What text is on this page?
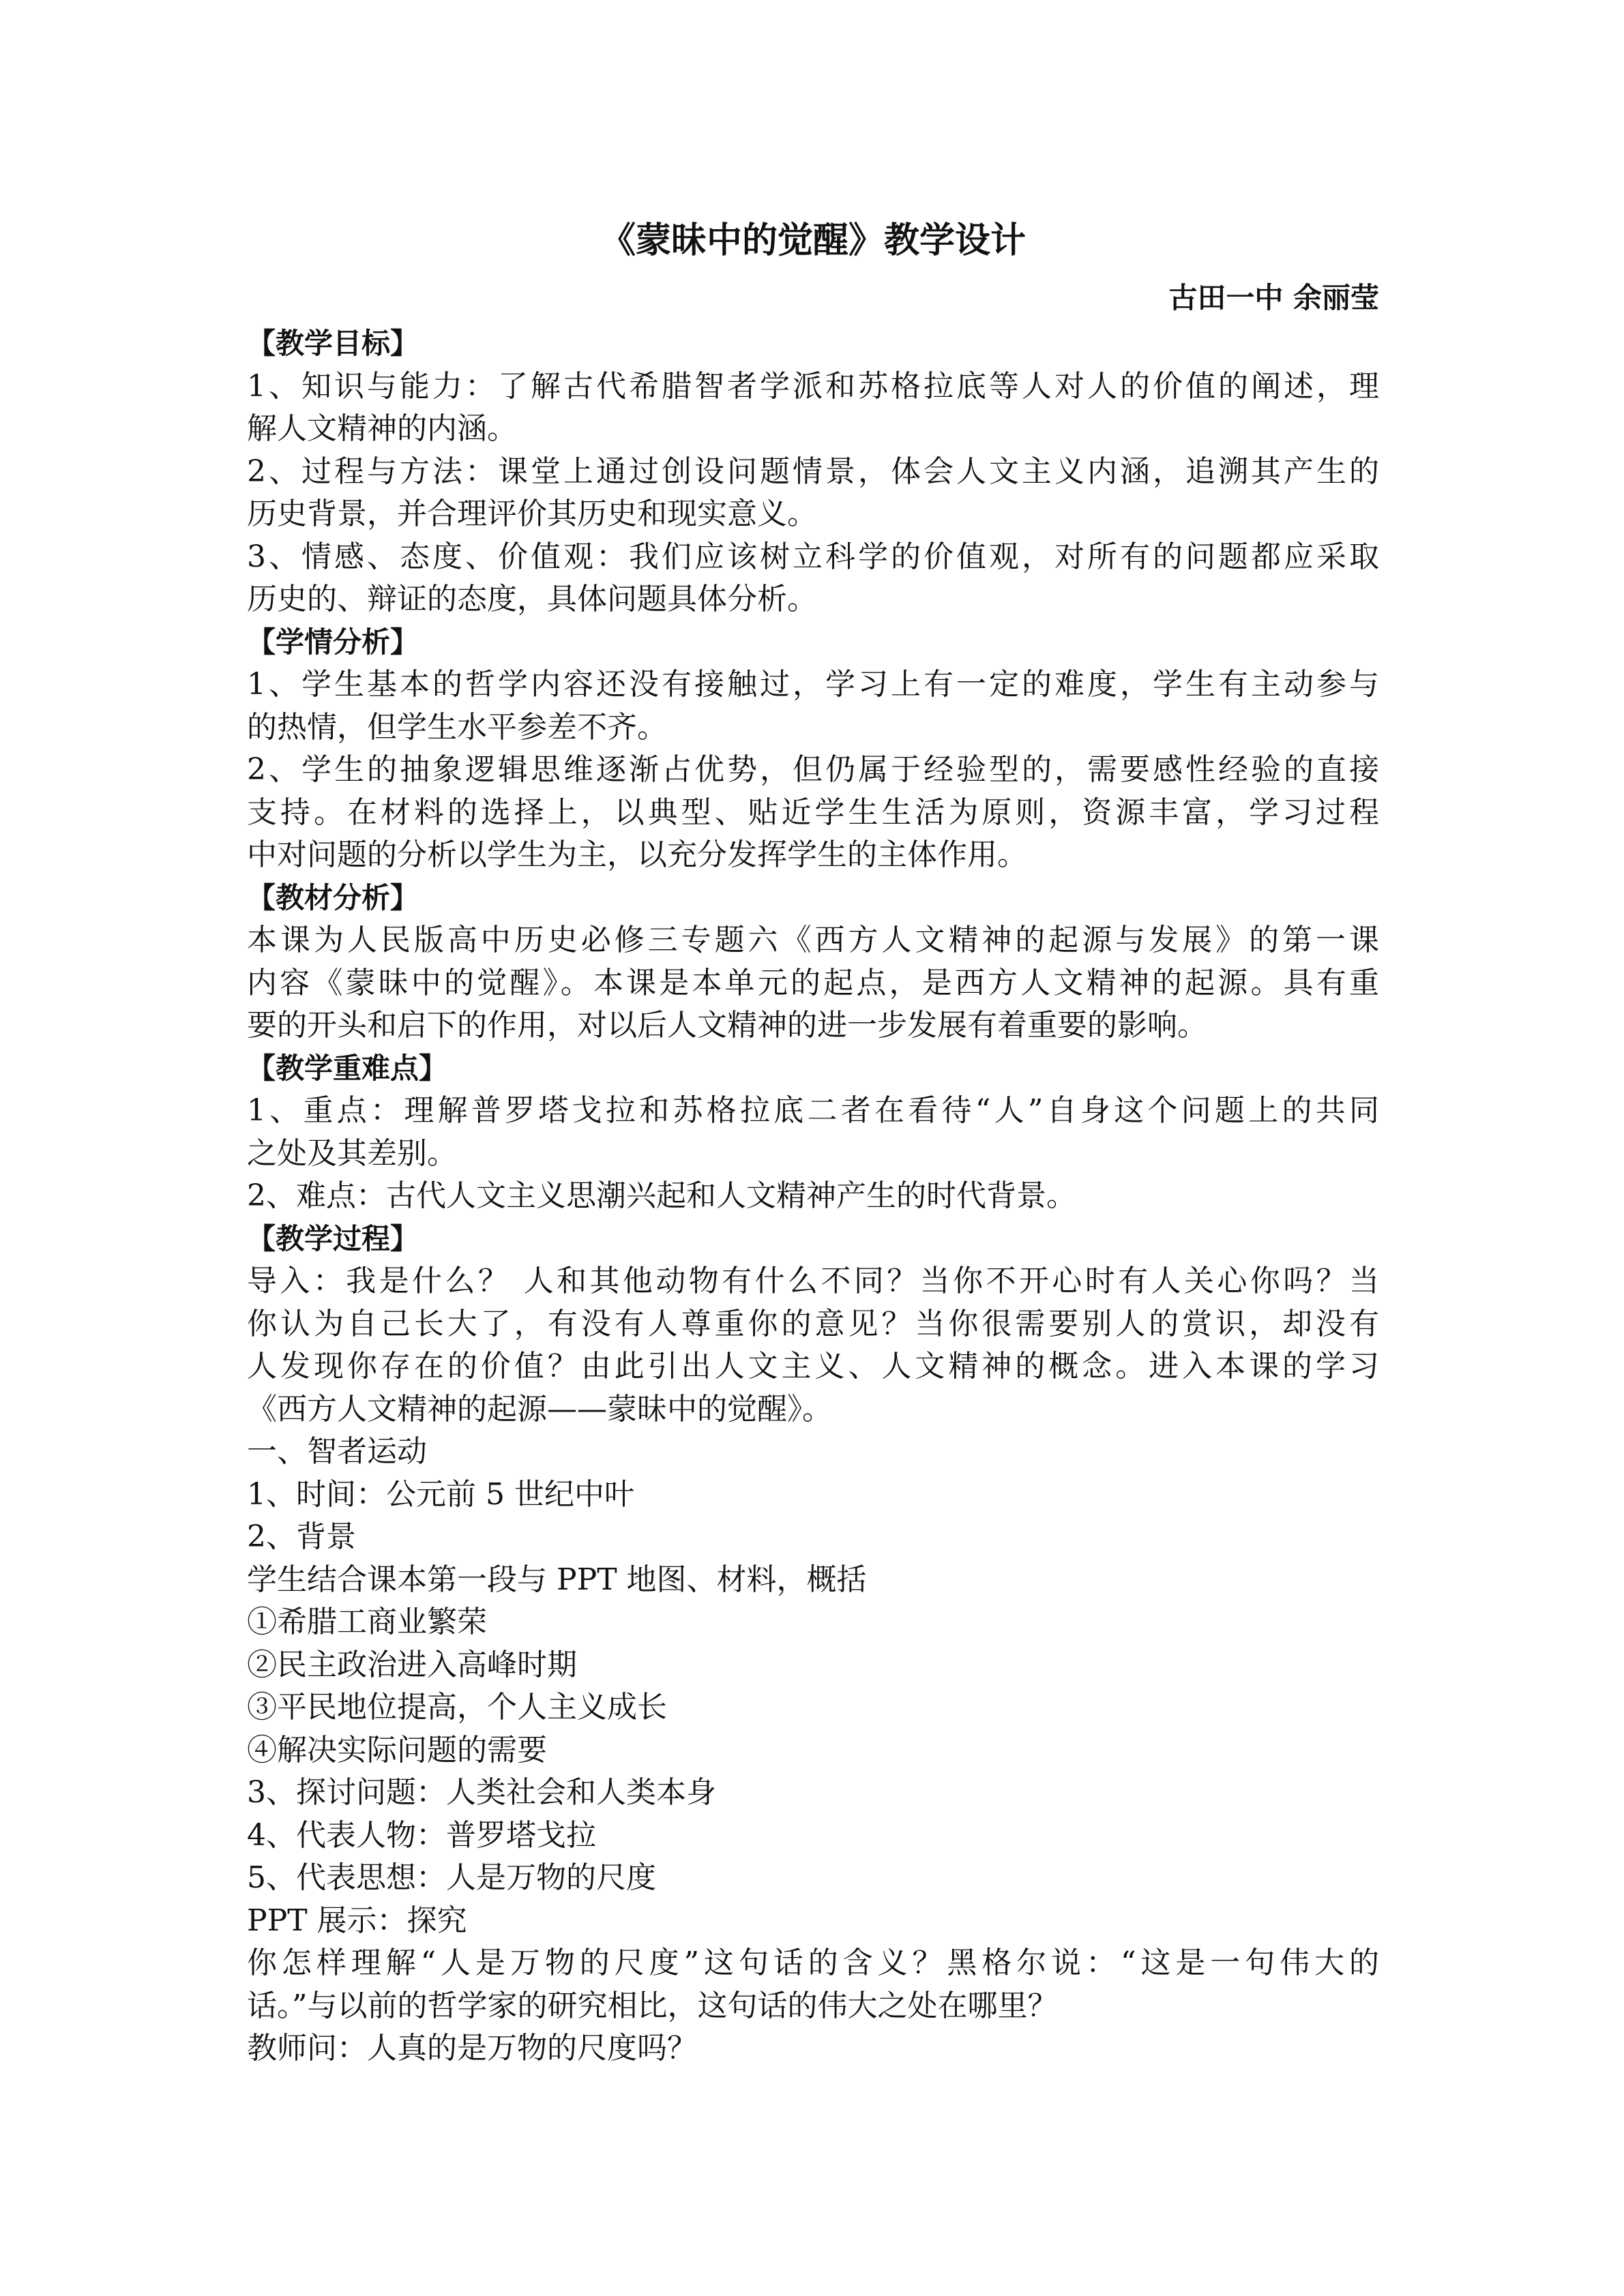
《蒙昧中的觉醒》教学设计
古田一中 余丽莹

【教学目标】

1、知识与能力：了解古代希腊智者学派和苏格拉底等人对人的价值的阐述，理

解人文精神的内涵。

2、过程与方法：课堂上通过创设问题情景，体会人文主义内涵，追溯其产生的

历史背景，并合理评价其历史和现实意义。

3、情感、态度、价值观：我们应该树立科学的价值观，对所有的问题都应采取

历史的、辩证的态度，具体问题具体分析。

【学情分析】

1、学生基本的哲学内容还没有接触过，学习上有一定的难度，学生有主动参与

的热情，但学生水平参差不齐。

2、学生的抽象逻辑思维逐渐占优势，但仍属于经验型的，需要感性经验的直接

支持。在材料的选择上，以典型、贴近学生生活为原则，资源丰富，学习过程

中对问题的分析以学生为主，以充分发挥学生的主体作用。

【教材分析】

本课为人民版高中历史必修三专题六《西方人文精神的起源与发展》的第一课

内容《蒙昧中的觉醒》。本课是本单元的起点，是西方人文精神的起源。具有重

要的开头和启下的作用，对以后人文精神的进一步发展有着重要的影响。

【教学重难点】

1、重点：理解普罗塔戈拉和苏格拉底二者在看待“人”自身这个问题上的共同

之处及其差别。

2、难点：古代人文主义思潮兴起和人文精神产生的时代背景。

【教学过程】

导入：我是什么？ 人和其他动物有什么不同？当你不开心时有人关心你吗？当

你认为自己长大了，有没有人尊重你的意见？当你很需要别人的赏识，却没有

人发现你存在的价值？由此引出人文主义、人文精神的概念。进入本课的学习

《西方人文精神的起源——蒙昧中的觉醒》。

一、智者运动

1、时间：公元前 5 世纪中叶

2、背景

学生结合课本第一段与 PPT 地图、材料，概括

①希腊工商业繁荣

②民主政治进入高峰时期

③平民地位提高，个人主义成长

④解决实际问题的需要

3、探讨问题：人类社会和人类本身

4、代表人物：普罗塔戈拉

5、代表思想：人是万物的尺度

PPT 展示：探究

你怎样理解“人是万物的尺度”这句话的含义？黑格尔说：“这是一句伟大的

话。”与以前的哲学家的研究相比，这句话的伟大之处在哪里？

教师问：人真的是万物的尺度吗？
